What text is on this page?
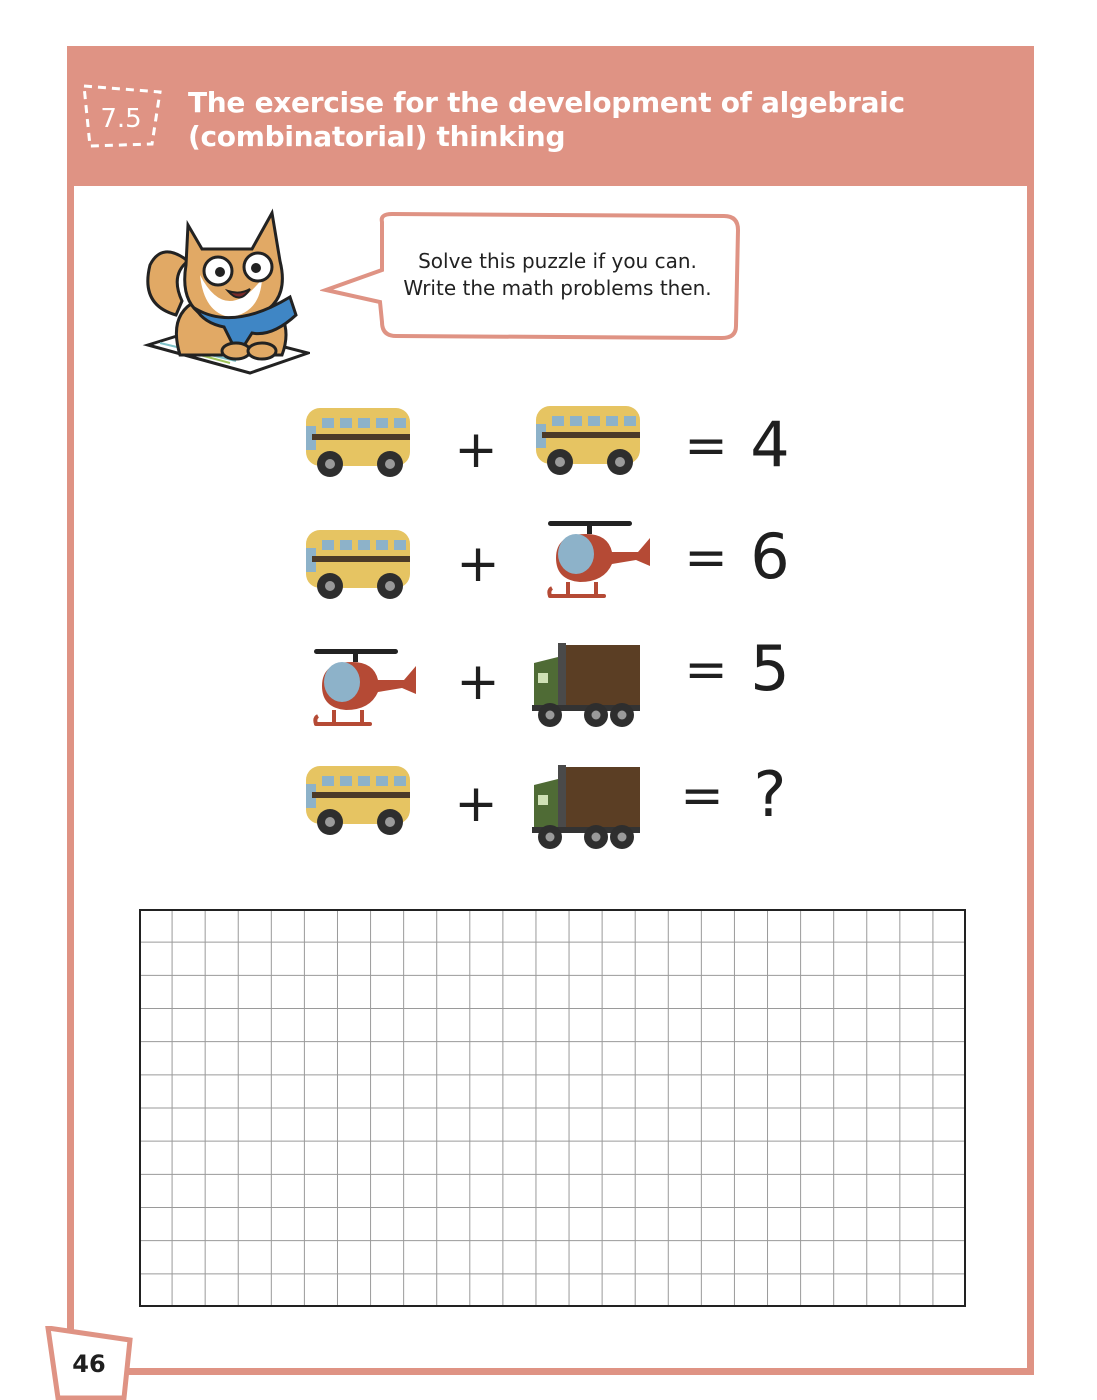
7.5 The exercise for the development of algebraic
(combinatorial) thinking
Solve this puzzle if you can.
Write the math problems then.
+	= 4
+	= 6
+	= 5
+	= ?
46
